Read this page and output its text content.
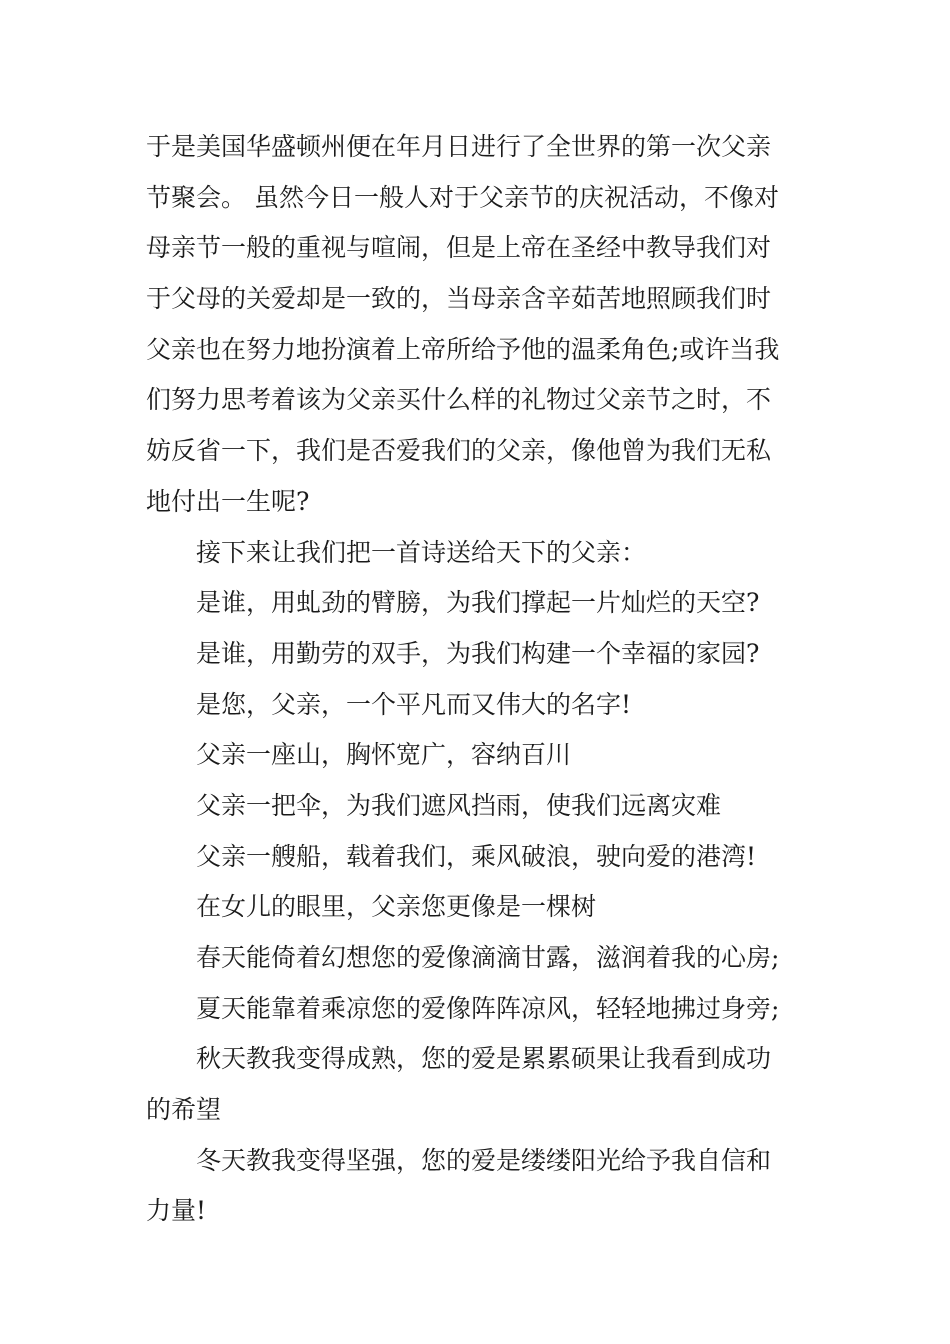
于是美国华盛顿州便在年月日进行了全世界的第一次父亲
节聚会。 虽然今日一般人对于父亲节的庆祝活动，不像对
母亲节一般的重视与喧闹，但是上帝在圣经中教导我们对
于父母的关爱却是一致的，当母亲含辛茹苦地照顾我们时
父亲也在努力地扮演着上帝所给予他的温柔角色;或许当我
们努力思考着该为父亲买什么样的礼物过父亲节之时，不
妨反省一下，我们是否爱我们的父亲，像他曾为我们无私
地付出一生呢?
接下来让我们把一首诗送给天下的父亲：
是谁，用虬劲的臂膀，为我们撑起一片灿烂的天空?
是谁，用勤劳的双手，为我们构建一个幸福的家园?
是您，父亲，一个平凡而又伟大的名字!
父亲一座山，胸怀宽广，容纳百川
父亲一把伞，为我们遮风挡雨，使我们远离灾难
父亲一艘船，载着我们，乘风破浪，驶向爱的港湾!
在女儿的眼里，父亲您更像是一棵树
春天能倚着幻想您的爱像滴滴甘露，滋润着我的心房;
夏天能靠着乘凉您的爱像阵阵凉风，轻轻地拂过身旁;
秋天教我变得成熟，您的爱是累累硕果让我看到成功
的希望
冬天教我变得坚强，您的爱是缕缕阳光给予我自信和
力量!
